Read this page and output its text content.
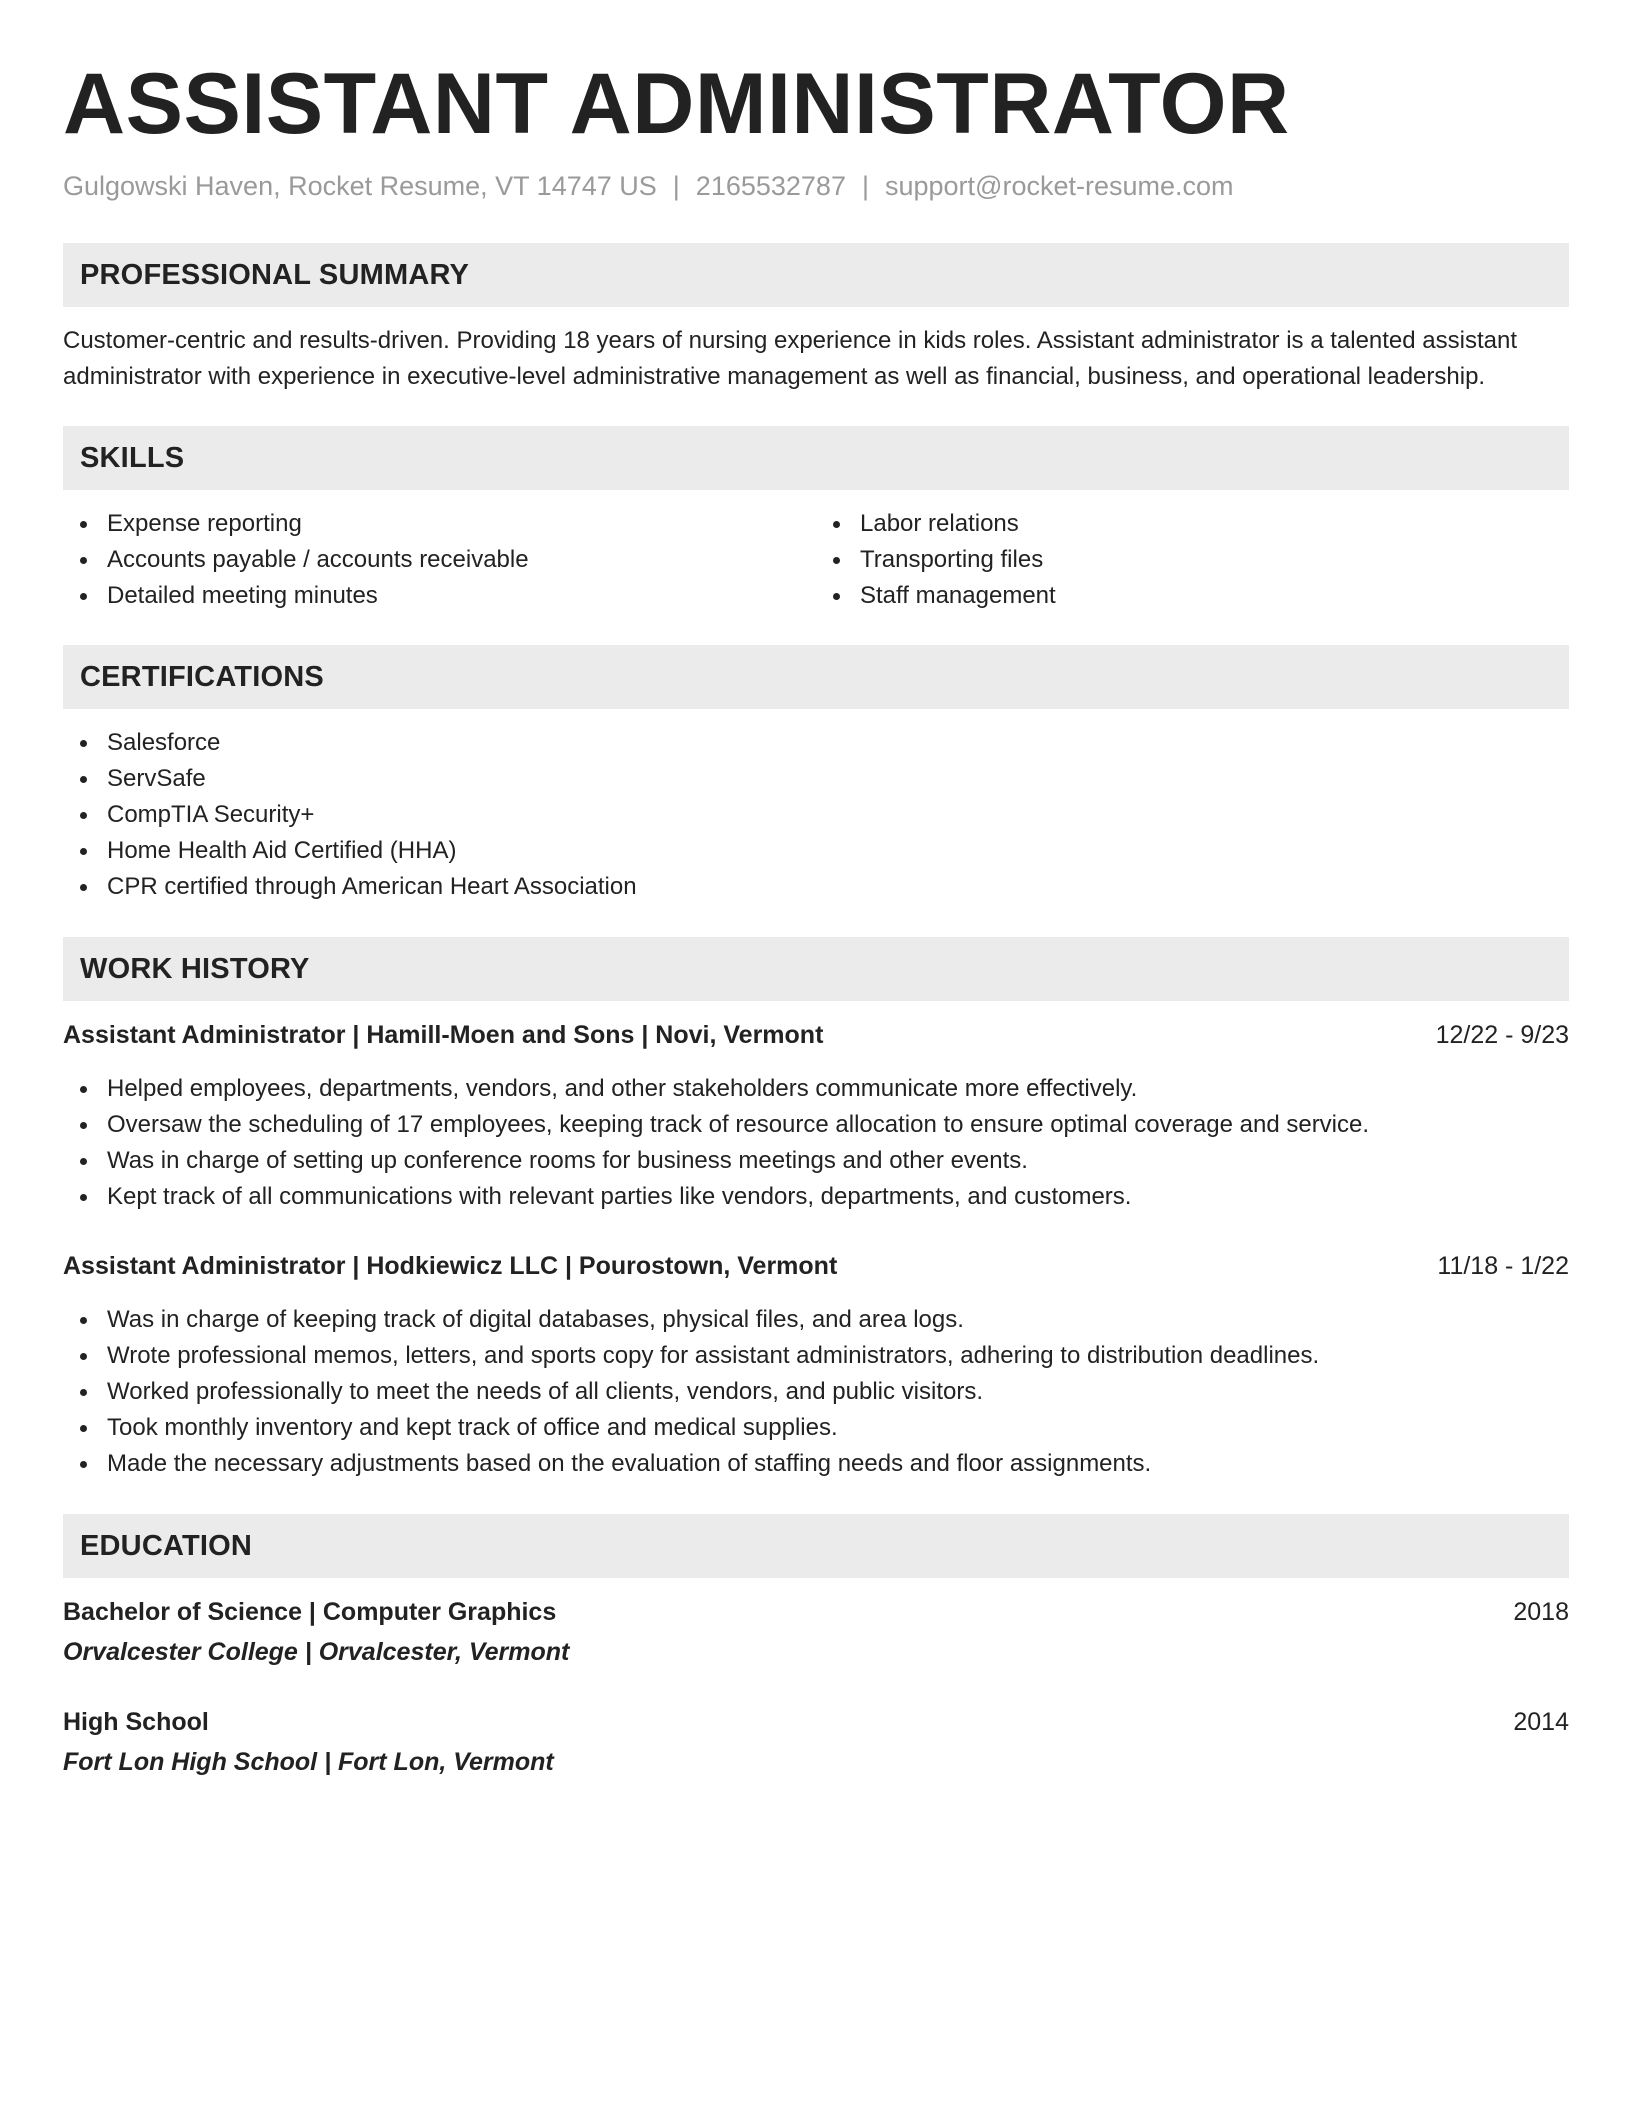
ASSISTANT ADMINISTRATOR
Gulgowski Haven, Rocket Resume, VT 14747 US | 2165532787 | support@rocket-resume.com
PROFESSIONAL SUMMARY

Customer-centric and results-driven. Providing 18 years of nursing experience in kids roles. Assistant administrator is a talented assistant administrator with experience in executive-level administrative management as well as financial, business, and operational leadership.

SKILLS
Expense reporting
Accounts payable / accounts receivable
Detailed meeting minutes
Labor relations
Transporting files
Staff management
CERTIFICATIONS
Salesforce
ServSafe
CompTIA Security+
Home Health Aid Certified (HHA)
CPR certified through American Heart Association
WORK HISTORY
Assistant Administrator | Hamill-Moen and Sons | Novi, Vermont	12/22 - 9/23
Helped employees, departments, vendors, and other stakeholders communicate more effectively.
Oversaw the scheduling of 17 employees, keeping track of resource allocation to ensure optimal coverage and service.
Was in charge of setting up conference rooms for business meetings and other events.
Kept track of all communications with relevant parties like vendors, departments, and customers.
Assistant Administrator | Hodkiewicz LLC | Pourostown, Vermont	11/18 - 1/22
Was in charge of keeping track of digital databases, physical files, and area logs.
Wrote professional memos, letters, and sports copy for assistant administrators, adhering to distribution deadlines.
Worked professionally to meet the needs of all clients, vendors, and public visitors.
Took monthly inventory and kept track of office and medical supplies.
Made the necessary adjustments based on the evaluation of staffing needs and floor assignments.
EDUCATION
Bachelor of Science | Computer Graphics	2018
Orvalcester College | Orvalcester, Vermont
High School	2014
Fort Lon High School | Fort Lon, Vermont
